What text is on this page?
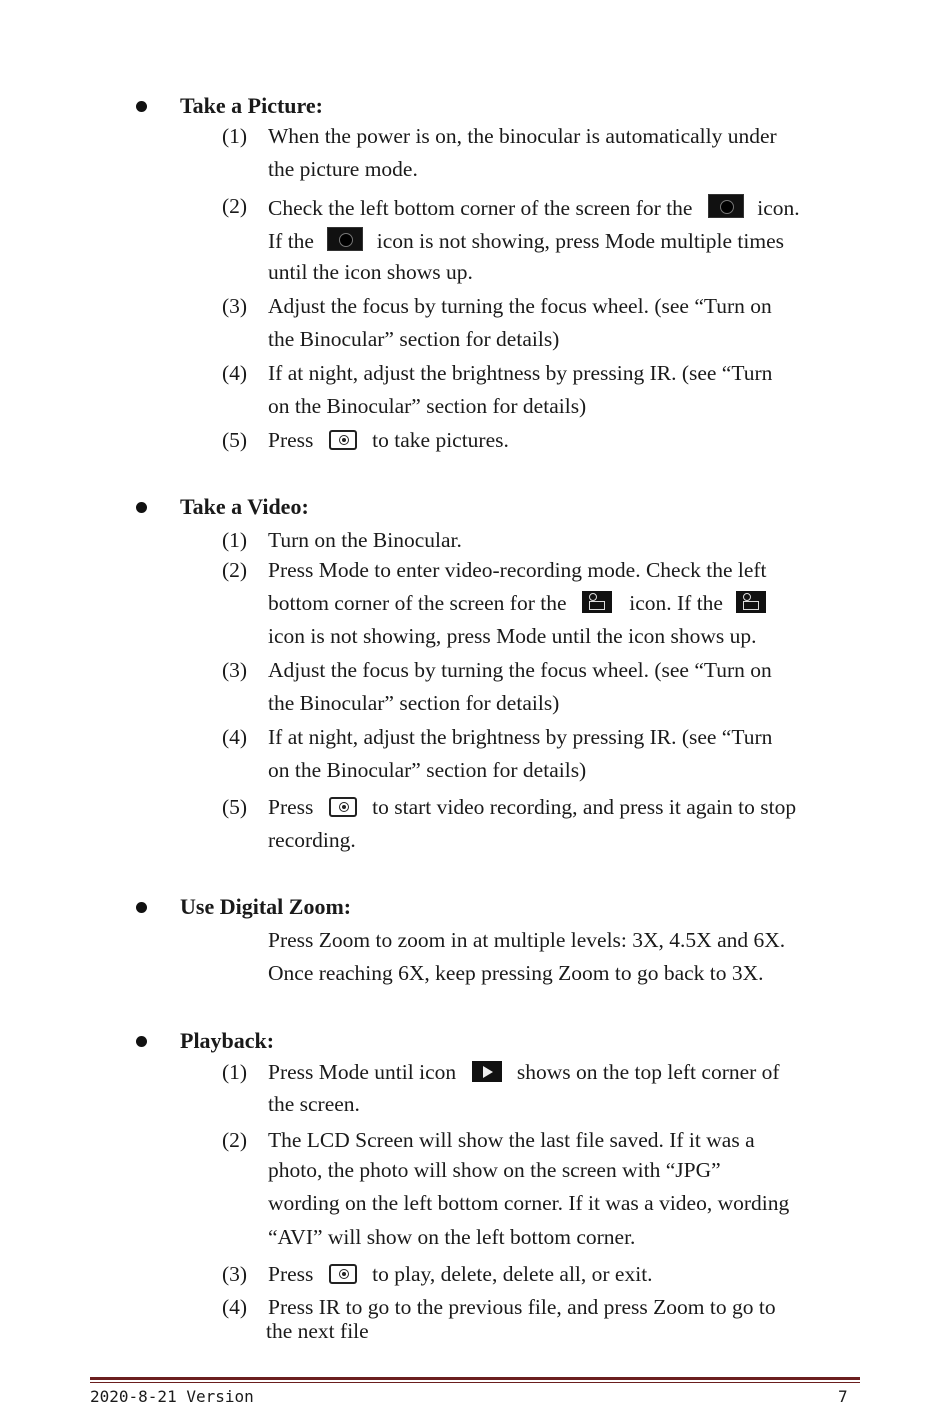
Take a Picture:
(1) When the power is on, the binocular is automatically under
the picture mode.
(2) Check the left bottom corner of the screen for the	icon.
If the	icon is not showing, press Mode multiple times
until the icon shows up.
(3) Adjust the focus by turning the focus wheel. (see “Turn on
the Binocular” section for details)
(4) If at night, adjust the brightness by pressing IR. (see “Turn
on the Binocular” section for details)
(5) Press	to take pictures.
Take a Video:
(1) Turn on the Binocular.
(2) Press Mode to enter video-recording mode. Check the left
bottom corner of the screen for the	icon. If the
icon is not showing, press Mode until the icon shows up.
(3) Adjust the focus by turning the focus wheel. (see “Turn on
the Binocular” section for details)
(4) If at night, adjust the brightness by pressing IR. (see “Turn
on the Binocular” section for details)
(5) Press	to start video recording, and press it again to stop
recording.
Use Digital Zoom:
Press Zoom to zoom in at multiple levels: 3X, 4.5X and 6X.
Once reaching 6X, keep pressing Zoom to go back to 3X.
Playback:
(1) Press Mode until icon	shows on the top left corner of
the screen.
(2) The LCD Screen will show the last file saved. If it was a
photo, the photo will show on the screen with “JPG”
wording on the left bottom corner. If it was a video, wording
“AVI” will show on the left bottom corner.
(3) Press	to play, delete, delete all, or exit.
(4) Press IR to go to the previous file, and press Zoom to go to
the next file
2020-8-21 Version	7
